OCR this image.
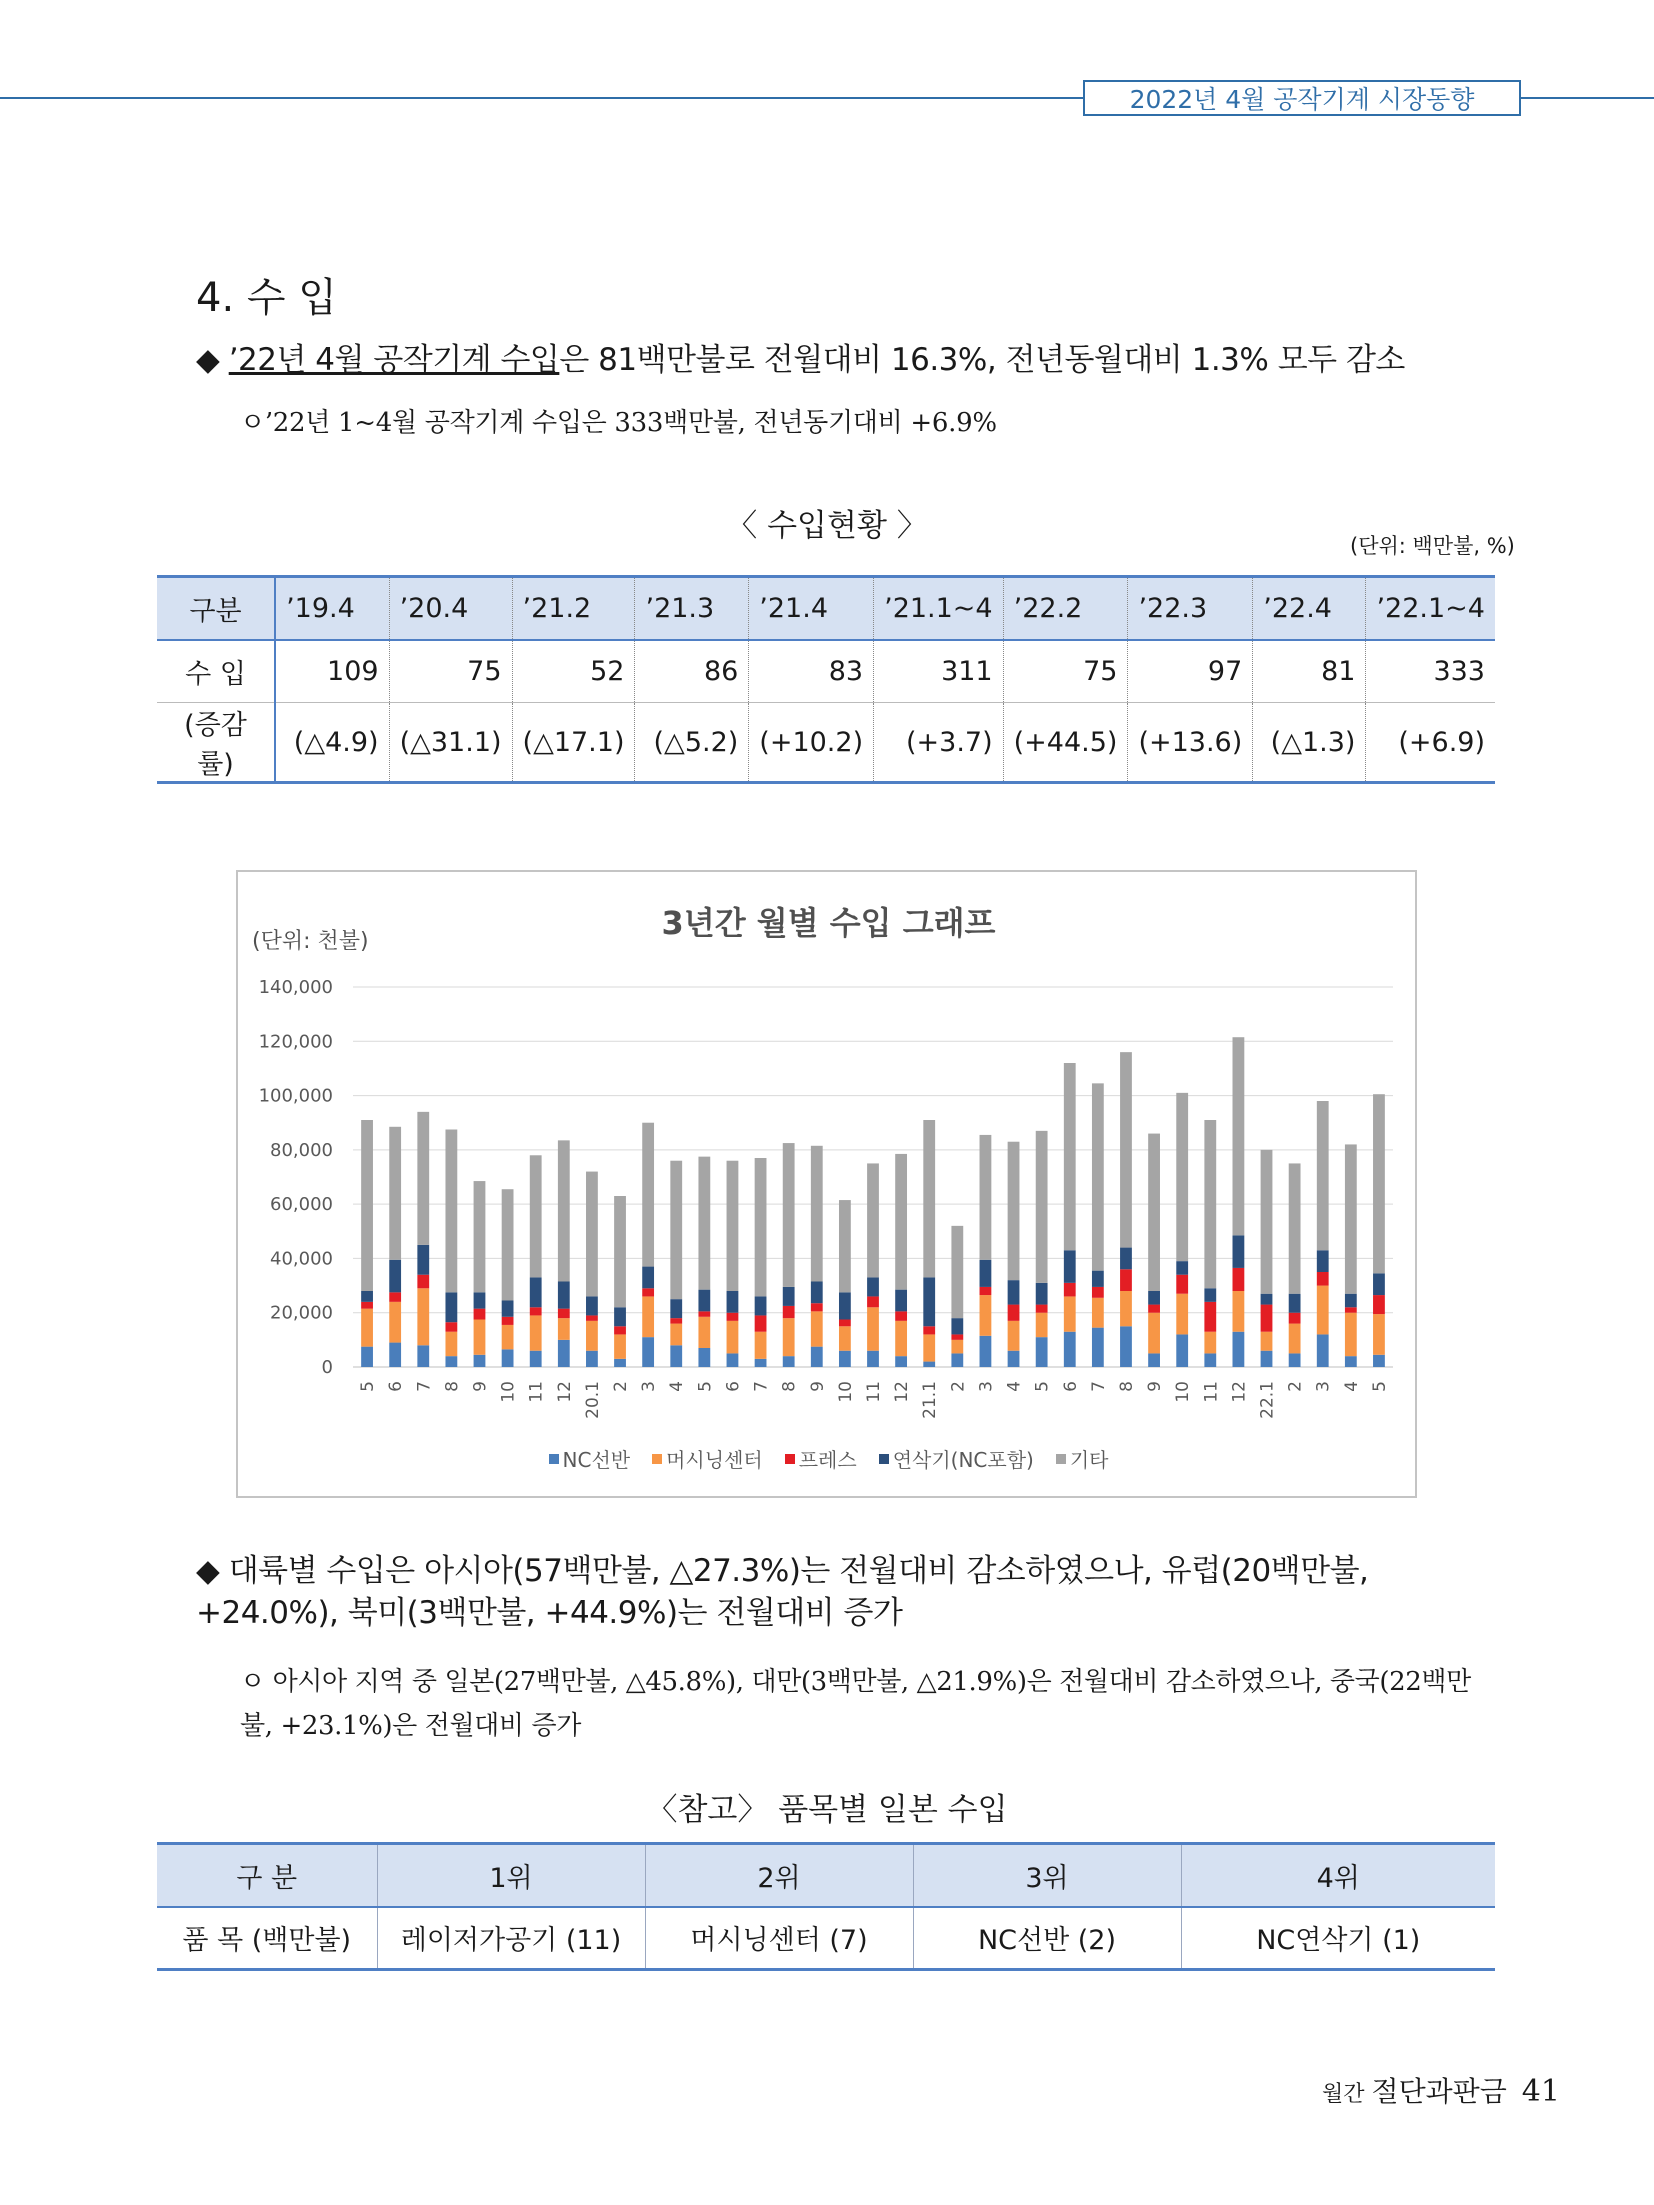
2022년 4월 공작기계 시장동향
4. 수 입
◆ ’22년 4월 공작기계 수입은 81백만불로 전월대비 16.3%, 전년동월대비 1.3% 모두 감소
ㅇ’22년 1~4월 공작기계 수입은 333백만불, 전년동기대비 +6.9%
〈 수입현황 〉
(단위: 백만불, %)
구분	’19.4	’20.4	’21.2	’21.3	’21.4	’21.1~4	’22.2	’22.3	’22.4	’22.1~4
수 입	109	75	52	86	83	311	75	97	81	333
(증감률)	(△4.9)	(△31.1)	(△17.1)	(△5.2)	(+10.2)	(+3.7)	(+44.5)	(+13.6)	(△1.3)	(+6.9)
3년간 월별 수입 그래프
(단위: 천불)
0
20,000
40,000
60,000
80,000
100,000
120,000
140,000
5 6 7 8 9 10 11 12 20.1 2 3 4 5 6 7 8 9 10 11 12 21.1 2 3 4 5 6 7 8 9 10 11 12 22.1 2 3 4 5
NC선반 머시닝센터 프레스 연삭기(NC포함) 기타
◆ 대륙별 수입은 아시아(57백만불, △27.3%)는 전월대비 감소하였으나, 유럽(20백만불, +24.0%), 북미(3백만불, +44.9%)는 전월대비 증가
ㅇ 아시아 지역 중 일본(27백만불, △45.8%), 대만(3백만불, △21.9%)은 전월대비 감소하였으나, 중국(22백만불, +23.1%)은 전월대비 증가
〈참고〉 품목별 일본 수입
구 분	1위	2위	3위	4위
품 목 (백만불)	레이저가공기 (11)	머시닝센터 (7)	NC선반 (2)	NC연삭기 (1)
월간 절단과판금 41
